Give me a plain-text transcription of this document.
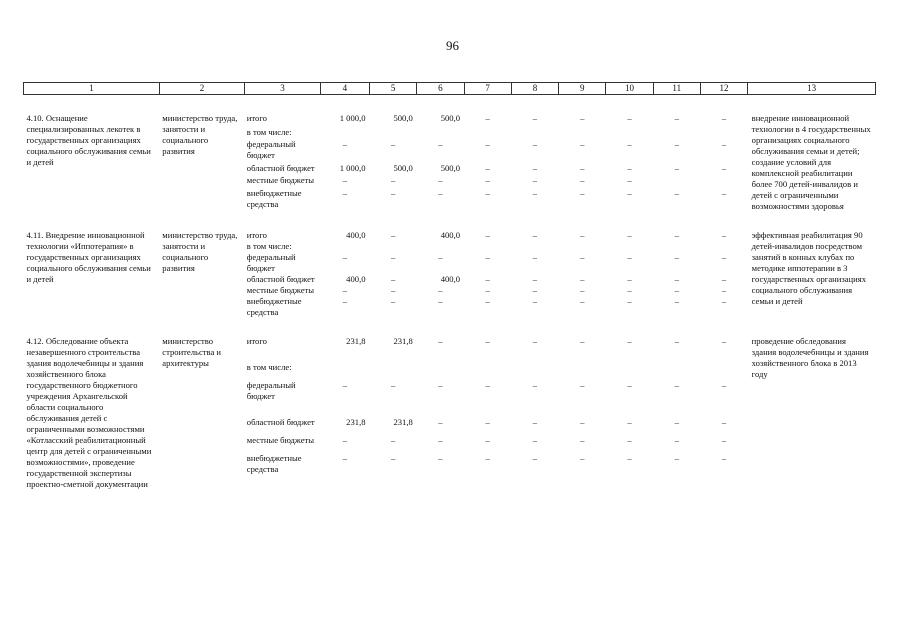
96
1	2	3	4	5	6	7	8	9	10	11	12	13

4.10. Оснащение специализированных лекотек в государственных организациях социального обслуживания семьи и детей	министерство труда, занятости и социального развития	итого	1 000,0	500,0	500,0	–	–	–	–	–	–	внедрение инновационной технологии в 4 государственных организациях социального обслуживания семьи и детей; создание условий для комплексной реабилитации более 700 детей-инвалидов и детей с ограниченными возможностями здоровья
		в том числе:										
		федеральный бюджет	–	–	–	–	–	–	–	–	–	
		областной бюджет	1 000,0	500,0	500,0	–	–	–	–	–	–	
		местные бюджеты	–	–	–	–	–	–	–			
		внебюджетные средства	–	–	–	–	–	–	–	–	–	

4.11. Внедрение инновационной технологии «Иппотерапия» в государственных организациях социального обслуживания семьи и детей	министерство труда, занятости и социального развития	итого	400,0	–	400,0	–	–	–	–	–	–	эффективная реабилитация 90 детей-инвалидов посредством занятий в конных клубах по методике иппотерапии в 3 государственных организациях социального обслуживания семьи и детей
		в том числе:										
		федеральный бюджет	–	–	–	–	–	–	–	–	–	
		областной бюджет	400,0	–	400,0	–	–	–	–	–	–	
		местные бюджеты	–	–	–	–	–	–	–	–	–	
		внебюджетные средства	–	–	–	–	–	–	–	–	–	

4.12. Обследование объекта незавершенного строительства здания водолечебницы и здания хозяйственного блока государственного бюджетного учреждения Архангельской области социального обслуживания детей с ограниченными возможностями «Котласский реабилитационный центр для детей с ограниченными возможностями», проведение государственной экспертизы проектно-сметной документации	министерство строительства и архитектуры	итого	231,8	231,8	–	–	–	–	–	–	–	проведение обследования здания водолечебницы и здания хозяйственного блока в 2013 году
		в том числе:										
		федеральный бюджет	–	–	–	–	–	–	–	–	–	
		областной бюджет	231,8	231,8	–	–	–	–	–	–	–	
		местные бюджеты	–	–	–	–	–	–	–	–	–	
		внебюджетные средства	–	–	–	–	–	–	–	–	–	
